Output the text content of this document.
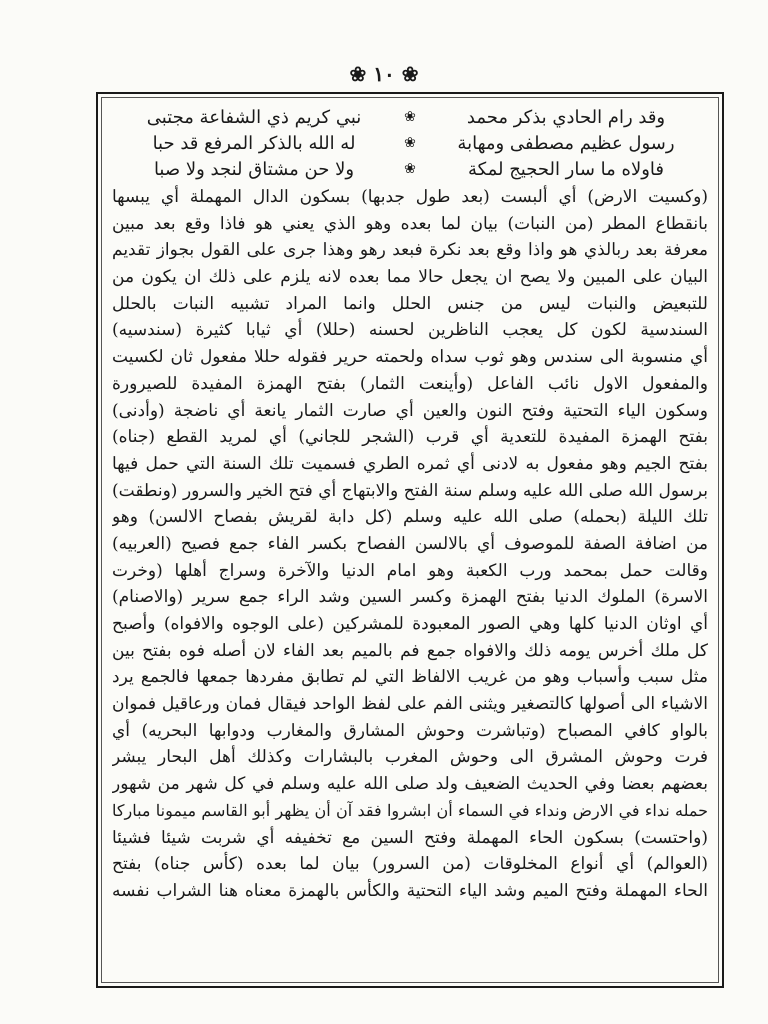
❀ ۱۰ ❀
وقد رام الحادي بذكر محمد
❀
نبي كريم ذي الشفاعة مجتبى
رسول عظيم مصطفى ومهابة
❀
له الله بالذكر المرفع قد حبا
فاولاه ما سار الحجيج لمكة
❀
ولا حن مشتاق لنجد ولا صبا
(وكسيت الارض) أي ألبست (بعد طول جدبها) بسكون الدال المهملة أي يبسها
بانقطاع المطر (من النبات) بيان لما بعده وهو الذي يعني هو فاذا وقع بعد مبين
معرفة بعد ربالذي هو واذا وقع بعد نكرة فبعد رهو وهذا جرى على القول بجواز تقديم
البيان على المبين ولا يصح ان يجعل حالا مما بعده لانه يلزم على ذلك ان يكون من
للتبعيض والنبات ليس من جنس الحلل وانما المراد تشبيه النبات بالحلل
السندسية لكون كل يعجب الناظرين لحسنه (حللا) أي ثيابا كثيرة (سندسيه)
أي منسوبة الى سندس وهو ثوب سداه ولحمته حرير فقوله حللا مفعول ثان لكسيت
والمفعول الاول نائب الفاعل (وأينعت الثمار) بفتح الهمزة المفيدة للصيرورة
وسكون الياء التحتية وفتح النون والعين أي صارت الثمار يانعة أي ناضجة (وأدنى)
بفتح الهمزة المفيدة للتعدية أي قرب (الشجر للجاني) أي لمريد القطع (جناه)
بفتح الجيم وهو مفعول به لادنى أي ثمره الطري فسميت تلك السنة التي حمل فيها
برسول الله صلى الله عليه وسلم سنة الفتح والابتهاج أي فتح الخير والسرور (ونطقت)
تلك الليلة (بحمله) صلى الله عليه وسلم (كل دابة لقريش بفصاح الالسن) وهو
من اضافة الصفة للموصوف أي بالالسن الفصاح بكسر الفاء جمع فصيح (العربيه)
وقالت حمل بمحمد ورب الكعبة وهو امام الدنيا والآخرة وسراج أهلها (وخرت
الاسرة) الملوك الدنيا بفتح الهمزة وكسر السين وشد الراء جمع سرير (والاصنام)
أي اوثان الدنيا كلها وهي الصور المعبودة للمشركين (على الوجوه والافواه) وأصبح
كل ملك أخرس يومه ذلك والافواه جمع فم بالميم بعد الفاء لان أصله فوه بفتح بين
مثل سبب وأسباب وهو من غريب الالفاظ التي لم تطابق مفردها جمعها فالجمع يرد
الاشياء الى أصولها كالتصغير ويثنى الفم على لفظ الواحد فيقال فمان ورعاقيل فموان
بالواو كافي المصباح (وتباشرت وحوش المشارق والمغارب ودوابها البحريه) أي
فرت وحوش المشرق الى وحوش المغرب بالبشارات وكذلك أهل البحار يبشر
بعضهم بعضا وفي الحديث الضعيف ولد صلى الله عليه وسلم في كل شهر من شهور
حمله نداء في الارض ونداء في السماء أن ابشروا فقد آن أن يظهر أبو القاسم ميمونا مباركا
(واحتست) بسكون الحاء المهملة وفتح السين مع تخفيفه أي شربت شيئا فشيئا
(العوالم) أي أنواع المخلوقات (من السرور) بيان لما بعده (كأس جناه) بفتح
الحاء المهملة وفتح الميم وشد الياء التحتية والكأس بالهمزة معناه هنا الشراب نفسه
